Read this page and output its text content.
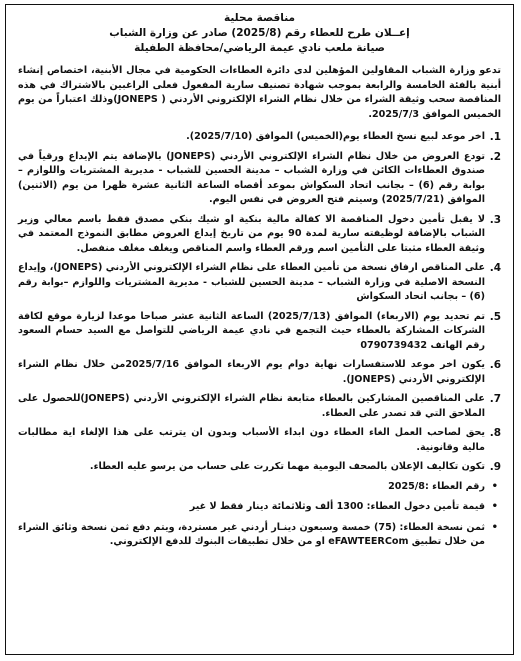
مناقصة محلية
إعــلان طرح للعطاء رقم (2025/8) صادر عن وزارة الشباب
صيانة ملعب نادي عيمة الرياضي/محافظة الطفيلة

تدعو وزارة الشباب المقاولين المؤهلين لدى دائرة العطاءات الحكومية في مجال الأبنية، اختصاص إنشاء أبنية بالفئة الخامسة والرابعة بموجب شهادة تصنيف سارية المفعول فعلى الراغبين بالاشتراك في هذه المناقصة سحب وثيقة الشراء من خلال نظام الشراء الإلكتروني الأردني ( JONEPS)وذلك اعتباراً من يوم الخميس الموافق 2025/7/3.

1.
اخر موعد لبيع نسخ العطاء يوم(الخميس) الموافق (2025/7/10).
2.
تودع العروض من خلال نظام الشراء الإلكتروني الأردني (JONEPS) بالإضافة يتم الإيداع ورقياً في صندوق العطاءات الكائن في وزارة الشباب – مدينة الحسين للشباب - مديرية المشتريات واللوازم –بوابة رقم (6) – بجانب اتحاد السكواش بموعد أقصاه الساعة الثانية عشرة ظهرا من يوم (الاثنين) الموافق (2025/7/21) وسيتم فتح العروض في نفس اليوم.
3.
لا يقبل تأمين دخول المناقصة الا كفالة مالية بنكية او شيك بنكي مصدق فقط باسم معالي وزير الشباب بالإضافة لوظيفته سارية لمدة 90 يوم من تاريخ إيداع العروض مطابق النموذج المعتمد في وثيقة العطاء مثبتا على التأمين اسم ورقم العطاء واسم المناقص ويغلف مغلف منفصل.
4.
على المناقص ارفاق نسخة من تأمين العطاء على نظام الشراء الإلكتروني الأردني (JONEPS)، وإيداع النسخة الاصلية في وزارة الشباب – مدينة الحسين للشباب - مديرية المشتريات واللوازم –بوابة رقم (6) – بجانب اتحاد السكواش
5.
تم تحديد يوم (الاربعاء) الموافق (2025/7/13) الساعة الثانية عشر صباحا موعدا لزيارة موقع لكافة الشركات المشاركة بالعطاء حيث التجمع في نادي عيمة الرياضي للتواصل مع السيد حسام السعود رقم الهاتف 0790739432
6.
يكون اخر موعد للاستفسارات نهاية دوام يوم الاربعاء الموافق 2025/7/16من خلال نظام الشراء الإلكتروني الأردني (JONEPS).
7.
على المناقصين المشاركين بالعطاء متابعة نظام الشراء الإلكتروني الأردني (JONEPS)للحصول على الملاحق التي قد تصدر على العطاء.
8.
يحق لصاحب العمل الغاء العطاء دون ابداء الأسباب وبدون ان يترتب على هذا الإلغاء اية مطالبات مالية وقانونية.
9.
تكون تكاليف الإعلان بالصحف اليومية مهما تكررت على حساب من يرسو عليه العطاء.
•
رقم العطاء :2025/8
•
قيمة تأمين دخول العطاء: 1300 ألف وثلاثمائة دينار فقط لا غير
•
ثمن نسخة العطاء: (75) خمسة وسبعون دينـار أردني غير مستردة، ويتم دفع ثمن نسخة وثائق الشراء من خلال تطبيق eFAWTEERCom او من خلال تطبيقات البنوك للدفع الإلكتروني.
